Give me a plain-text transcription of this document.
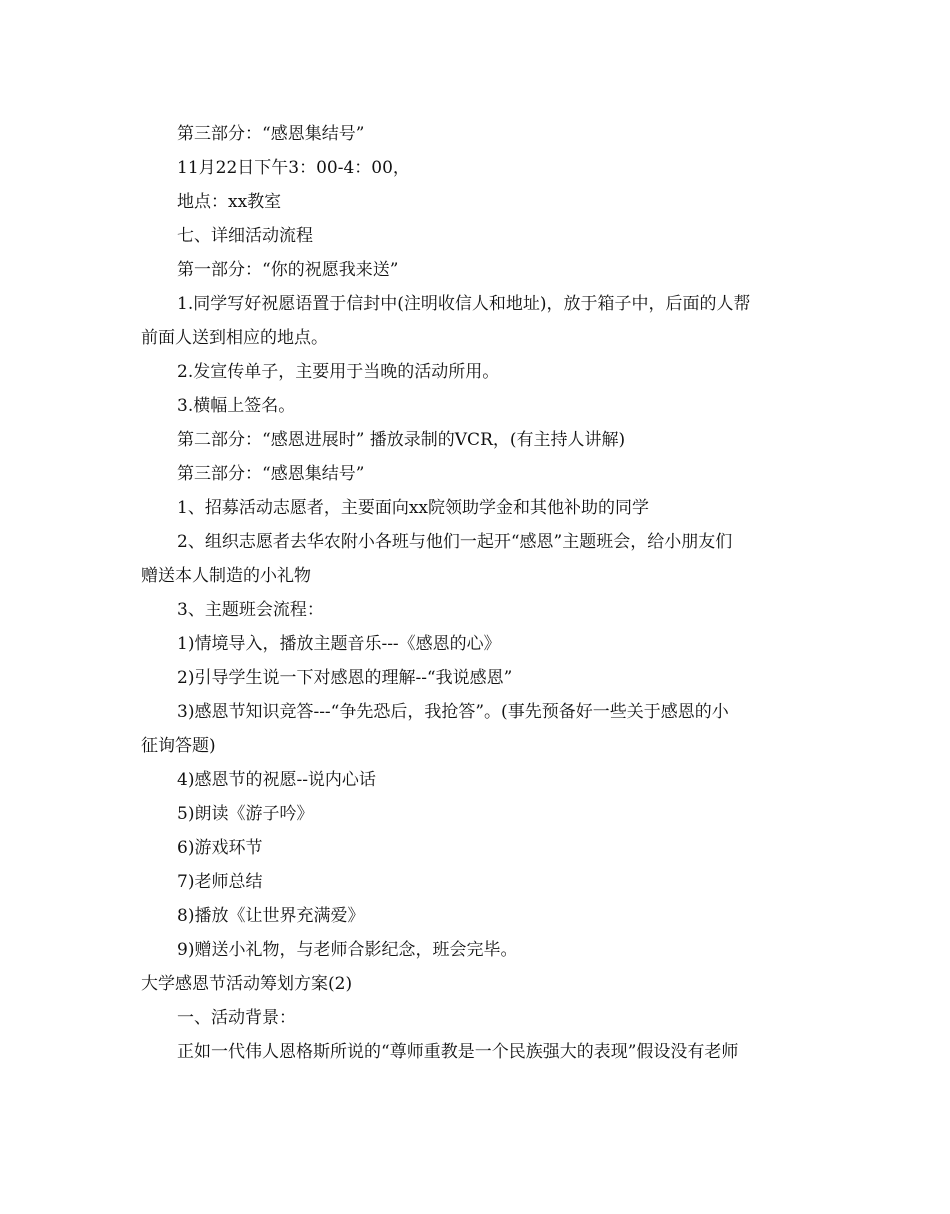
第三部分：“感恩集结号”
11月22日下午3：00-4：00，
地点：xx教室
七、详细活动流程
第一部分：“你的祝愿我来送”
1.同学写好祝愿语置于信封中(注明收信人和地址)，放于箱子中，后面的人帮
前面人送到相应的地点。
2.发宣传单子，主要用于当晚的活动所用。
3.横幅上签名。
第二部分：“感恩进展时” 播放录制的VCR，(有主持人讲解)
第三部分：“感恩集结号”
1、招募活动志愿者，主要面向xx院领助学金和其他补助的同学
2、组织志愿者去华农附小各班与他们一起开“感恩”主题班会，给小朋友们
赠送本人制造的小礼物
3、主题班会流程：
1)情境导入，播放主题音乐---《感恩的心》
2)引导学生说一下对感恩的理解--“我说感恩”
3)感恩节知识竞答---“争先恐后，我抢答”。(事先预备好一些关于感恩的小
征询答题)
4)感恩节的祝愿--说内心话
5)朗读《游子吟》
6)游戏环节
7)老师总结
8)播放《让世界充满爱》
9)赠送小礼物，与老师合影纪念，班会完毕。
大学感恩节活动筹划方案(2)
一、活动背景：
正如一代伟人恩格斯所说的“尊师重教是一个民族强大的表现”假设没有老师
